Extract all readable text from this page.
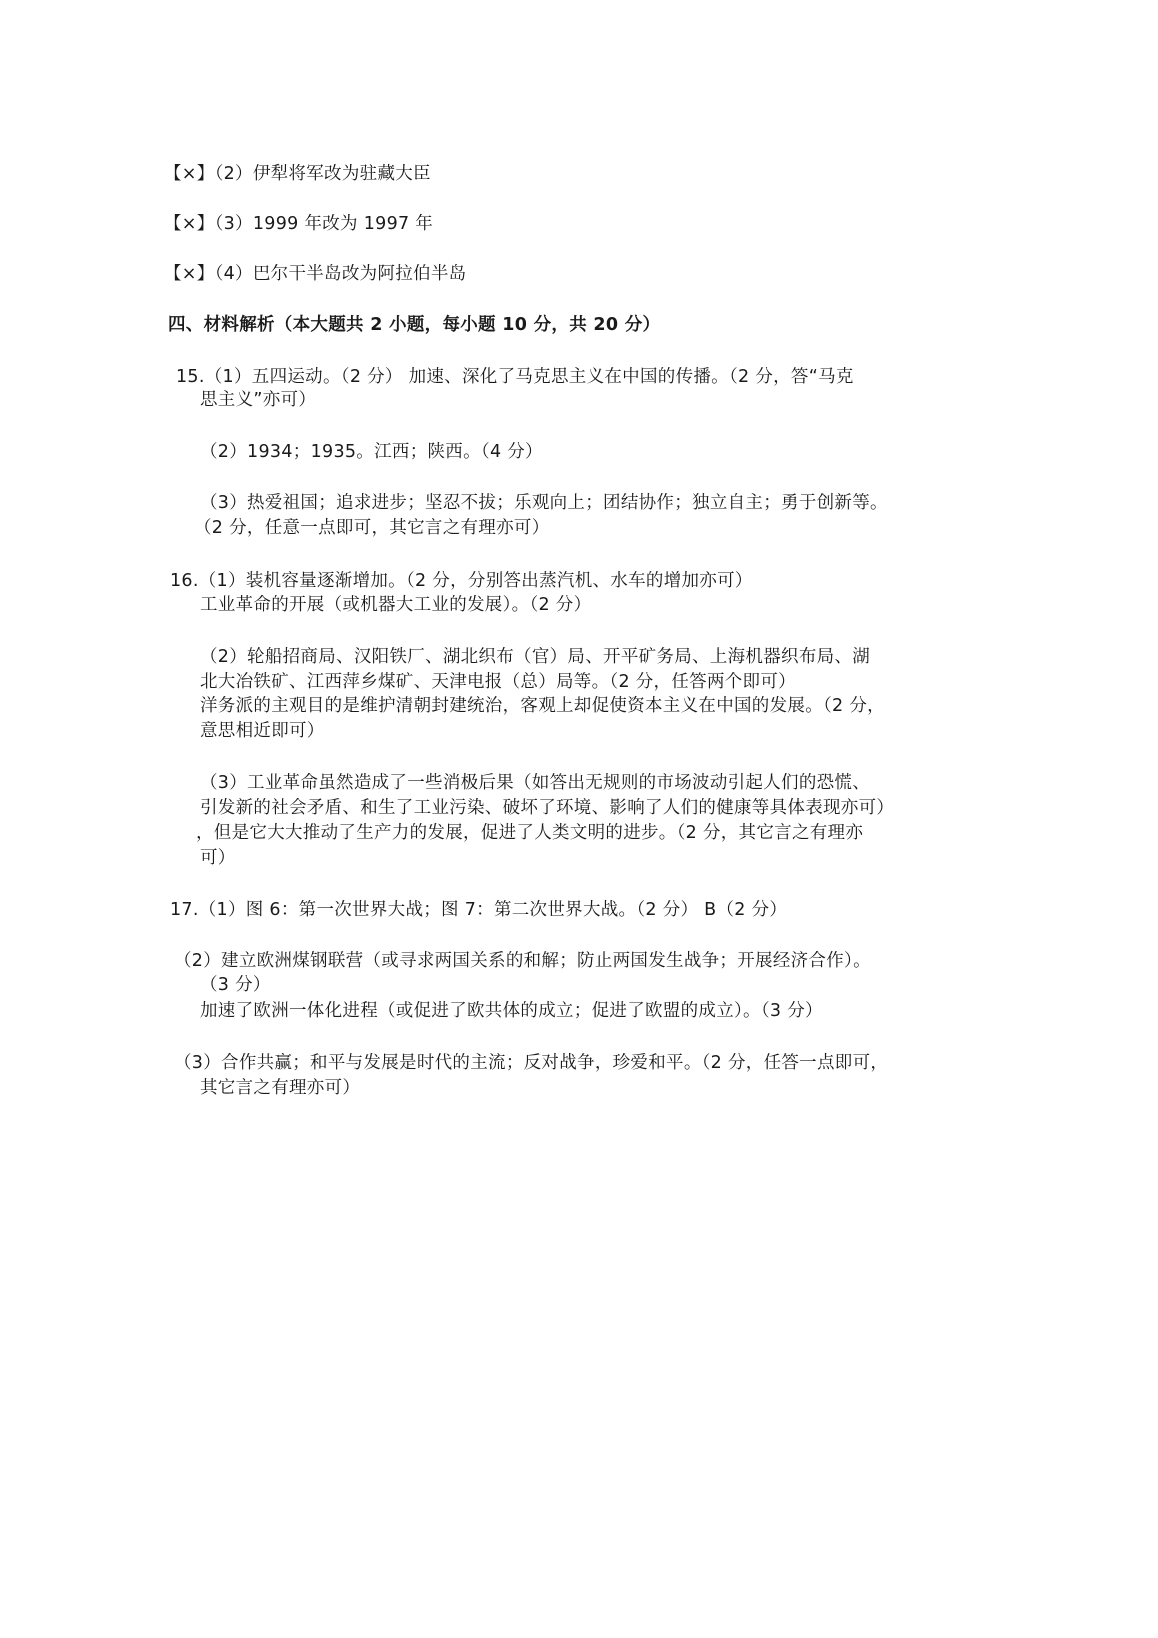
【×】（2）伊犁将军改为驻藏大臣
【×】（3）1999 年改为 1997 年
【×】（4）巴尔干半岛改为阿拉伯半岛
四、材料解析（本大题共 2 小题，每小题 10 分，共 20 分）
15.（1）五四运动。（2 分） 加速、深化了马克思主义在中国的传播。（2 分，答“马克
思主义”亦可）
（2）1934；1935。江西；陕西。（4 分）
（3）热爱祖国；追求进步；坚忍不拔；乐观向上；团结协作；独立自主；勇于创新等。
（2 分，任意一点即可，其它言之有理亦可）
16.（1）装机容量逐渐增加。（2 分，分别答出蒸汽机、水车的增加亦可）
工业革命的开展（或机器大工业的发展）。（2 分）
（2）轮船招商局、汉阳铁厂、湖北织布（官）局、开平矿务局、上海机器织布局、湖
北大冶铁矿、江西萍乡煤矿、天津电报（总）局等。（2 分，任答两个即可）
洋务派的主观目的是维护清朝封建统治，客观上却促使资本主义在中国的发展。（2 分，
意思相近即可）
（3）工业革命虽然造成了一些消极后果（如答出无规则的市场波动引起人们的恐慌、
引发新的社会矛盾、和生了工业污染、破坏了环境、影响了人们的健康等具体表现亦可）
，但是它大大推动了生产力的发展，促进了人类文明的进步。（2 分，其它言之有理亦
可）
17.（1）图 6：第一次世界大战；图 7：第二次世界大战。（2 分） B（2 分）
（2）建立欧洲煤钢联营（或寻求两国关系的和解；防止两国发生战争；开展经济合作）。
（3 分）
加速了欧洲一体化进程（或促进了欧共体的成立；促进了欧盟的成立）。（3 分）
（3）合作共赢；和平与发展是时代的主流；反对战争，珍爱和平。（2 分，任答一点即可，
其它言之有理亦可）
